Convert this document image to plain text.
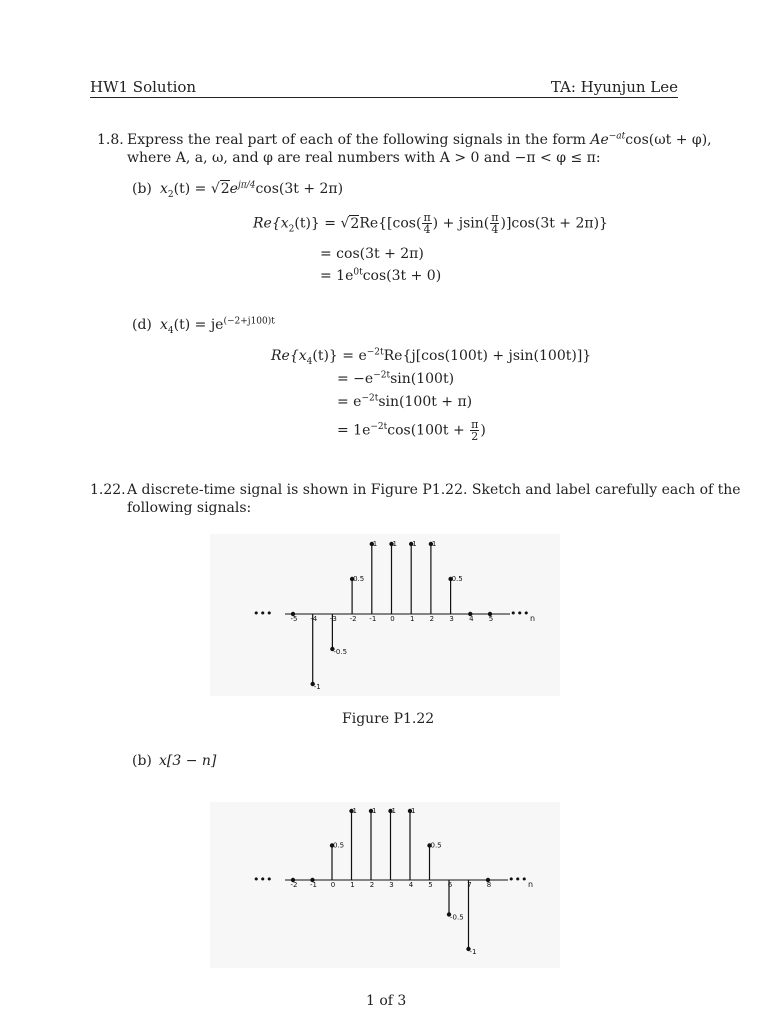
HW1 Solution	TA: Hyunjun Lee
1.8. Express the real part of each of the following signals in the form $Ae^{-at}\cos(\omega t + \varphi)$,
where A, a, ω, and φ are real numbers with A > 0 and −π < φ ≤ π:
(b) $x_2(t) = √2e^{j\pi/4}\cos(3t + 2\pi)$
$Re\{x_2(t)\} = √2Re\{[\cos( \frac{\pi}{4}$ ) + $jsin( \frac{\pi}{4} )]\cos(3t + 2\pi)$}
= cos(3t + 2π)
= $1e^{0t}\cos(3t + 0)$
(d) $x_4(t) = je^{(-2+j100)t}$
$Re\{x_4(t)\} = e^{-2t}Re\{j[\cos(100t) + jsin(100t)]\}$
= $-e^{-2t}\sin(100t)$
= $e^{-2t}\sin(100t + \pi)$
= $1e^{-2t}\cos(100t + \frac{\pi}{2}$ )
1.22. A discrete-time signal is shown in Figure P1.22. Sketch and label carefully each of the
following signals:
•••	••• n
-5 -4
-1
-3
-0.5
-2
0.5
-1
1
0
1
1
1
2
1
3
0.5
4 5
Figure P1.22
(b) x[3 − n]
•••	••• n
-2 -1 0
0.5
1
1
2
1
3
1
4
1
5
0.5
6
-0.5
7
-1
8
1 of 3
